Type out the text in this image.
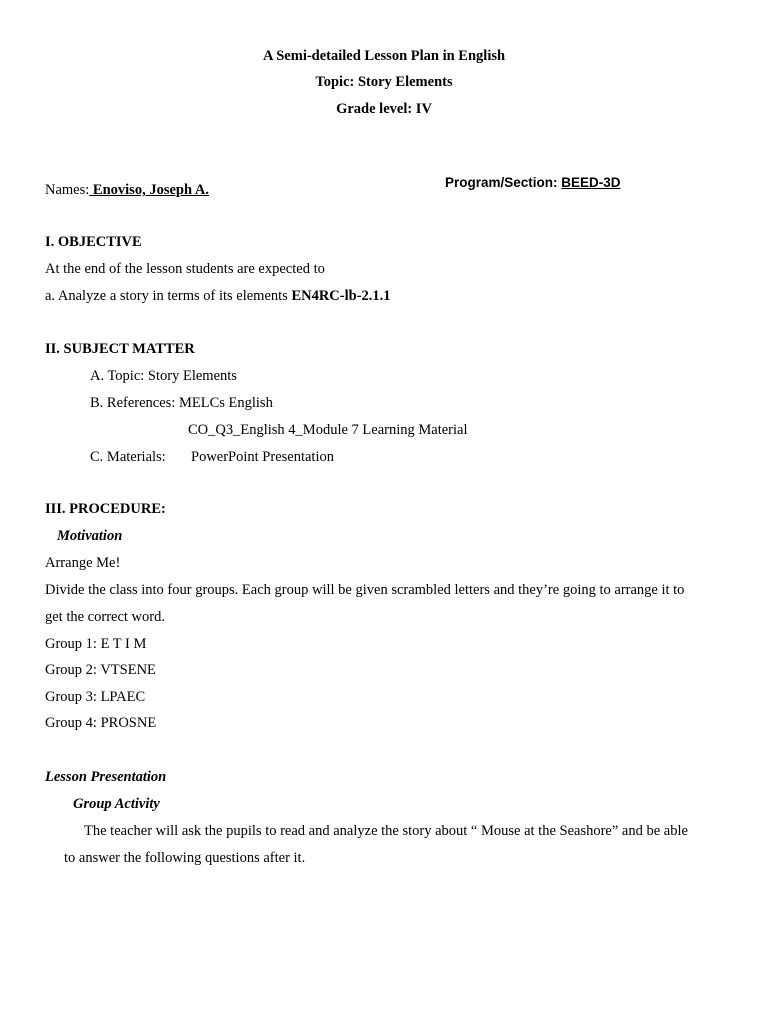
A Semi-detailed Lesson Plan in English
Topic: Story Elements
Grade level: IV
Names: Enoviso, Joseph A.	Program/Section: BEED-3D
I. OBJECTIVE
At the end of the lesson students are expected to
a. Analyze a story in terms of its elements EN4RC-lb-2.1.1
II. SUBJECT MATTER
A. Topic: Story Elements
B. References: MELCs English
CO_Q3_English 4_Module 7 Learning Material
C. Materials: PowerPoint Presentation
III. PROCEDURE:
Motivation
Arrange Me!
Divide the class into four groups. Each group will be given scrambled letters and they’re going to arrange it to
get the correct word.
Group 1: E T I M
Group 2: VTSENE
Group 3: LPAEC
Group 4: PROSNE
Lesson Presentation
Group Activity
The teacher will ask the pupils to read and analyze the story about “ Mouse at the Seashore” and be able
to answer the following questions after it.
